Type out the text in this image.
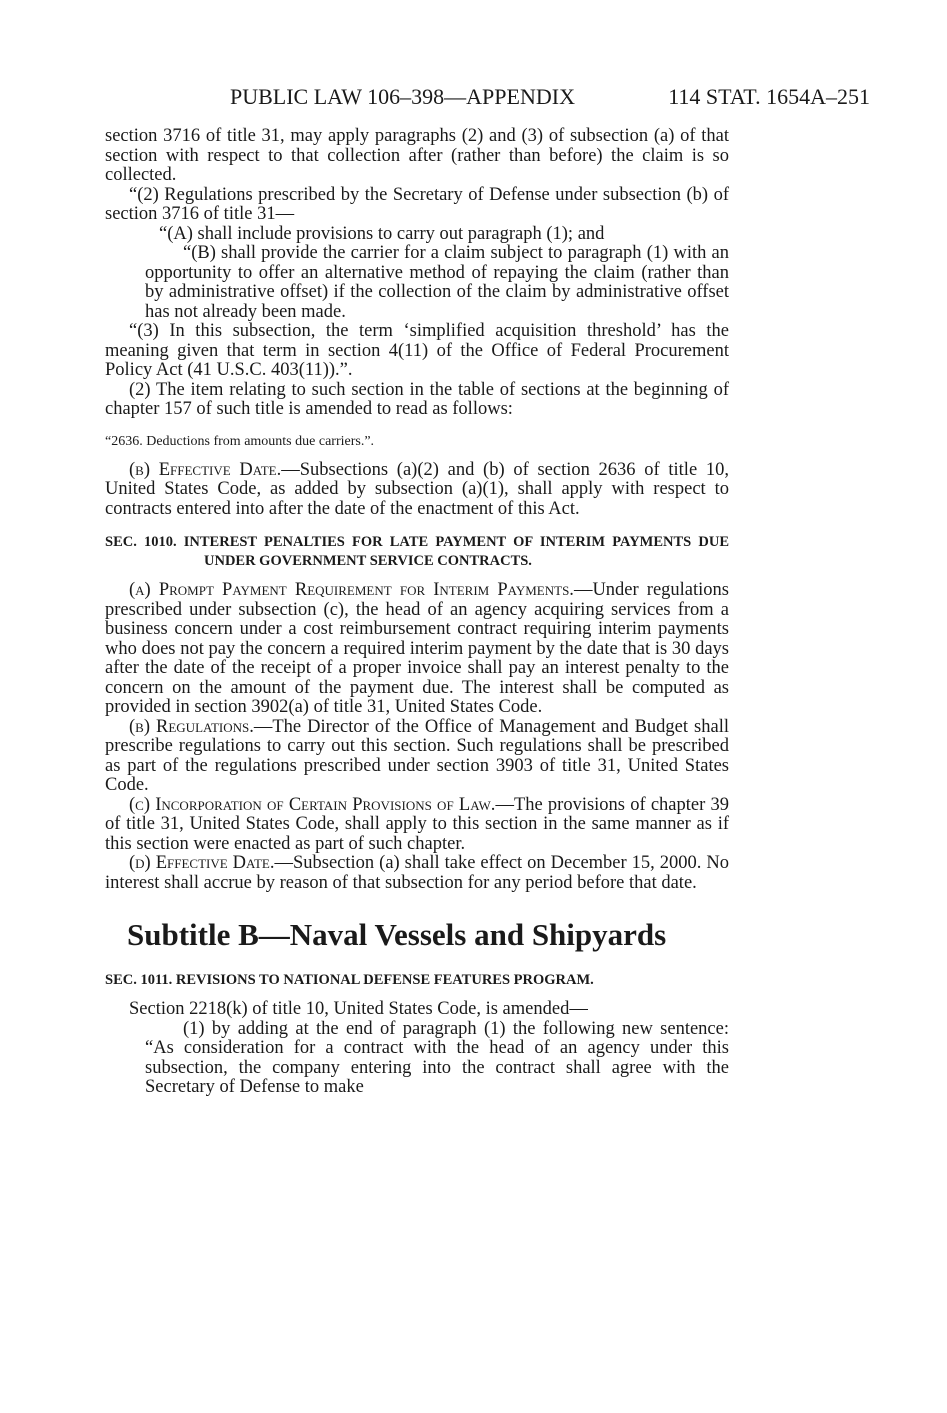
PUBLIC LAW 106–398—APPENDIX	114 STAT. 1654A–251

section 3716 of title 31, may apply paragraphs (2) and (3) of subsection (a) of that section with respect to that collection after (rather than before) the claim is so collected.

“(2) Regulations prescribed by the Secretary of Defense under subsection (b) of section 3716 of title 31—

“(A) shall include provisions to carry out paragraph (1); and

“(B) shall provide the carrier for a claim subject to paragraph (1) with an opportunity to offer an alternative method of repaying the claim (rather than by administrative offset) if the collection of the claim by administrative offset has not already been made.

“(3) In this subsection, the term ‘simplified acquisition threshold’ has the meaning given that term in section 4(11) of the Office of Federal Procurement Policy Act (41 U.S.C. 403(11)).”.

(2) The item relating to such section in the table of sections at the beginning of chapter 157 of such title is amended to read as follows:

“2636. Deductions from amounts due carriers.”.

(b) Effective Date.—Subsections (a)(2) and (b) of section 2636 of title 10, United States Code, as added by subsection (a)(1), shall apply with respect to contracts entered into after the date of the enactment of this Act.

SEC. 1010. INTEREST PENALTIES FOR LATE PAYMENT OF INTERIM PAYMENTS DUE UNDER GOVERNMENT SERVICE CONTRACTS.

(a) Prompt Payment Requirement for Interim Payments.—Under regulations prescribed under subsection (c), the head of an agency acquiring services from a business concern under a cost reimbursement contract requiring interim payments who does not pay the concern a required interim payment by the date that is 30 days after the date of the receipt of a proper invoice shall pay an interest penalty to the concern on the amount of the payment due. The interest shall be computed as provided in section 3902(a) of title 31, United States Code.

(b) Regulations.—The Director of the Office of Management and Budget shall prescribe regulations to carry out this section. Such regulations shall be prescribed as part of the regulations prescribed under section 3903 of title 31, United States Code.

(c) Incorporation of Certain Provisions of Law.—The provisions of chapter 39 of title 31, United States Code, shall apply to this section in the same manner as if this section were enacted as part of such chapter.

(d) Effective Date.—Subsection (a) shall take effect on December 15, 2000. No interest shall accrue by reason of that subsection for any period before that date.

Subtitle B—Naval Vessels and Shipyards

SEC. 1011. REVISIONS TO NATIONAL DEFENSE FEATURES PROGRAM.

Section 2218(k) of title 10, United States Code, is amended—

(1) by adding at the end of paragraph (1) the following new sentence: “As consideration for a contract with the head of an agency under this subsection, the company entering into the contract shall agree with the Secretary of Defense to make
